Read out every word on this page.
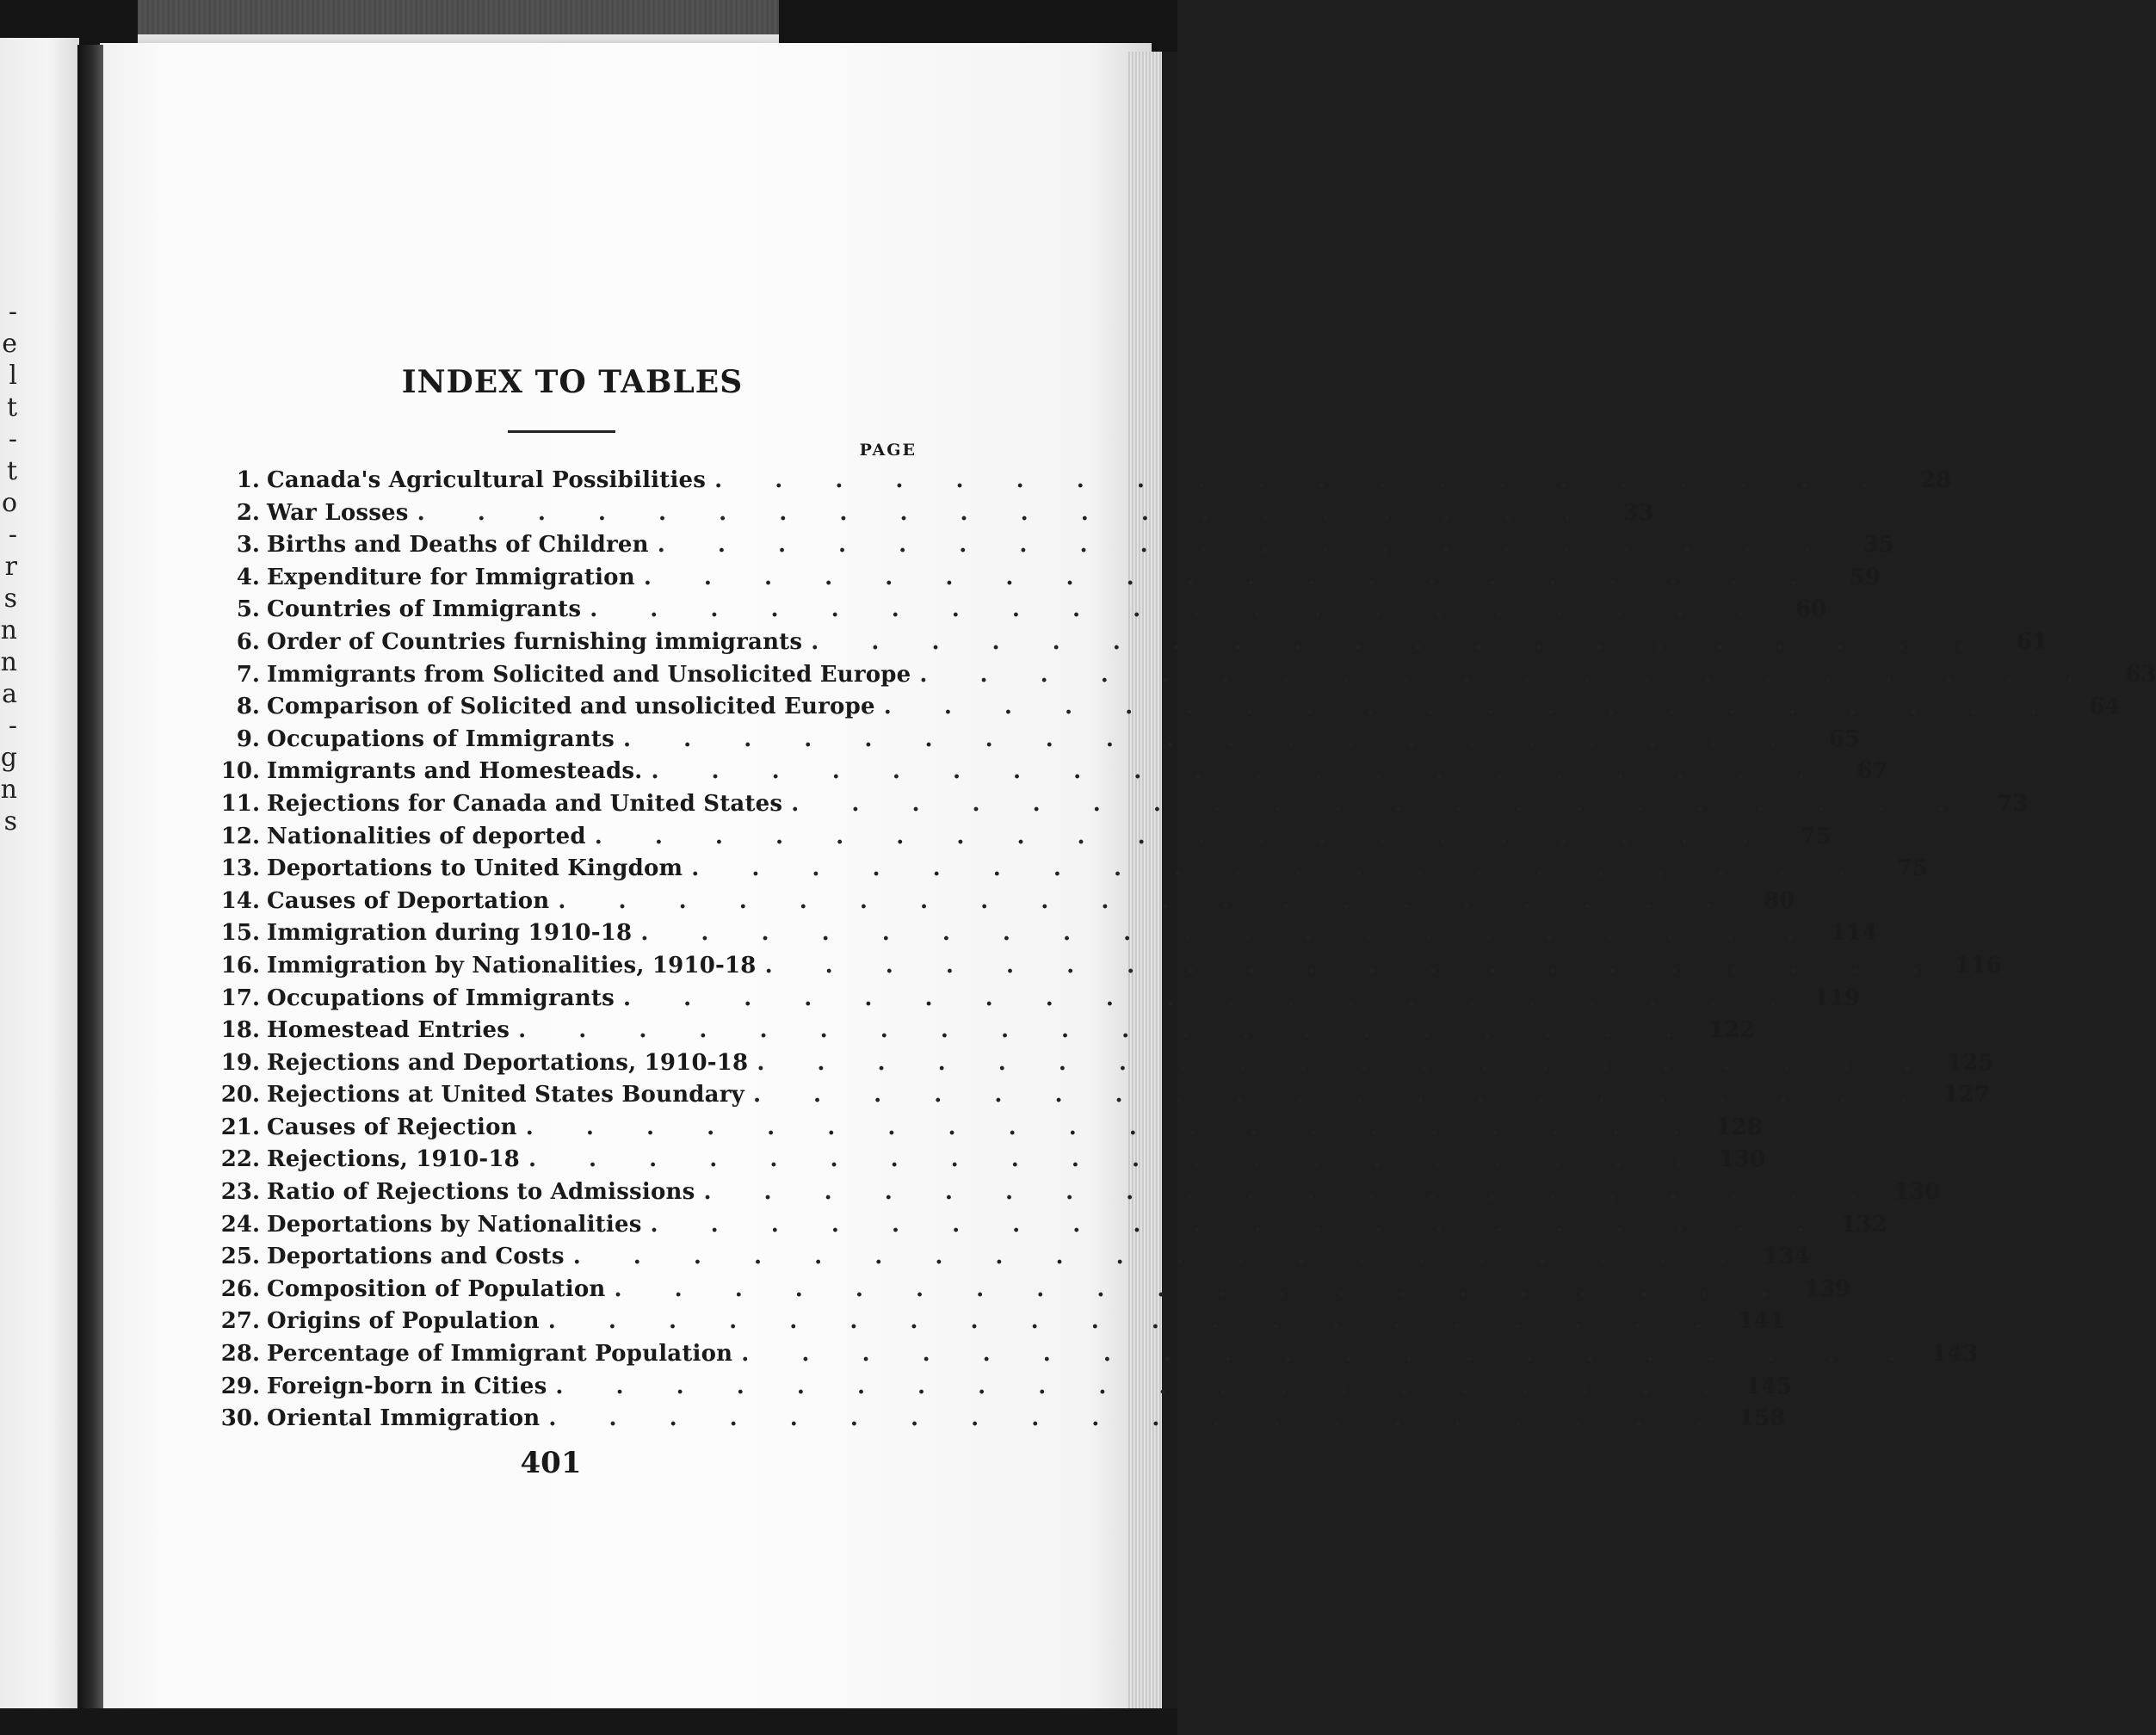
-
e
l
t
-
t
o
-
r
s
n
n
a
-
g
n
s
INDEX TO TABLES
PAGE
1. Canada's Agricultural Possibilities . . . . . . . . . . . . . . . . . . . .	28
2. War Losses . . . . . . . . . . . . . . . . . . . .	33
3. Births and Deaths of Children . . . . . . . . . . . . . . . . . . . .	35
4. Expenditure for Immigration . . . . . . . . . . . . . . . . . . . .	59
5. Countries of Immigrants . . . . . . . . . . . . . . . . . . . .	60
6. Order of Countries furnishing immigrants . . . . . . . . . . . . . . . . . . . .	61
7. Immigrants from Solicited and Unsolicited Europe . . . . . . . . . . . . . . . . . . . .	63
8. Comparison of Solicited and unsolicited Europe . . . . . . . . . . . . . . . . . . . .	64
9. Occupations of Immigrants . . . . . . . . . . . . . . . . . . . .	65
10. Immigrants and Homesteads. . . . . . . . . . . . . . . . . . . . .	67
11. Rejections for Canada and United States . . . . . . . . . . . . . . . . . . . .	73
12. Nationalities of deported . . . . . . . . . . . . . . . . . . . .	75
13. Deportations to United Kingdom . . . . . . . . . . . . . . . . . . . .	75
14. Causes of Deportation . . . . . . . . . . . . . . . . . . . .	80
15. Immigration during 1910-18 . . . . . . . . . . . . . . . . . . . . 114
16. Immigration by Nationalities, 1910-18 . . . . . . . . . . . . . . . . . . . . 116
17. Occupations of Immigrants . . . . . . . . . . . . . . . . . . . . 119
18. Homestead Entries . . . . . . . . . . . . . . . . . . . . 122
19. Rejections and Deportations, 1910-18 . . . . . . . . . . . . . . . . . . . . 125
20. Rejections at United States Boundary . . . . . . . . . . . . . . . . . . . . 127
21. Causes of Rejection . . . . . . . . . . . . . . . . . . . . 128
22. Rejections, 1910-18 . . . . . . . . . . . . . . . . . . . . 130
23. Ratio of Rejections to Admissions . . . . . . . . . . . . . . . . . . . . 130
24. Deportations by Nationalities . . . . . . . . . . . . . . . . . . . . 132
25. Deportations and Costs . . . . . . . . . . . . . . . . . . . . 134
26. Composition of Population . . . . . . . . . . . . . . . . . . . . 139
27. Origins of Population . . . . . . . . . . . . . . . . . . . . 141
28. Percentage of Immigrant Population . . . . . . . . . . . . . . . . . . . . 143
29. Foreign-born in Cities . . . . . . . . . . . . . . . . . . . . 145
30. Oriental Immigration . . . . . . . . . . . . . . . . . . . . 158
401
